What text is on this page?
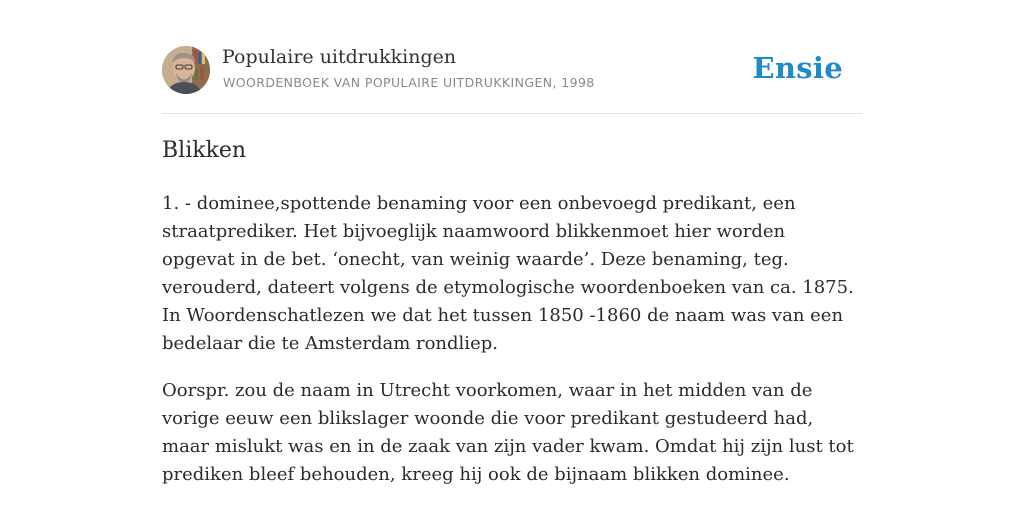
Populaire uitdrukkingen
WOORDENBOEK VAN POPULAIRE UITDRUKKINGEN, 1998	Ensie
Blikken

1. - dominee,spottende benaming voor een onbevoegd predikant, een straatprediker. Het bijvoeglijk naamwoord blikkenmoet hier worden opgevat in de bet. ‘onecht, van weinig waarde’. Deze benaming, teg. verouderd, dateert volgens de etymologische woordenboeken van ca. 1875. In Woordenschatlezen we dat het tussen 1850 -1860 de naam was van een bedelaar die te Amsterdam rondliep.

Oorspr. zou de naam in Utrecht voorkomen, waar in het midden van de vorige eeuw een blikslager woonde die voor predikant gestudeerd had, maar mislukt was en in de zaak van zijn vader kwam. Omdat hij zijn lust tot prediken bleef behouden, kreeg hij ook de bijnaam blikken dominee.
